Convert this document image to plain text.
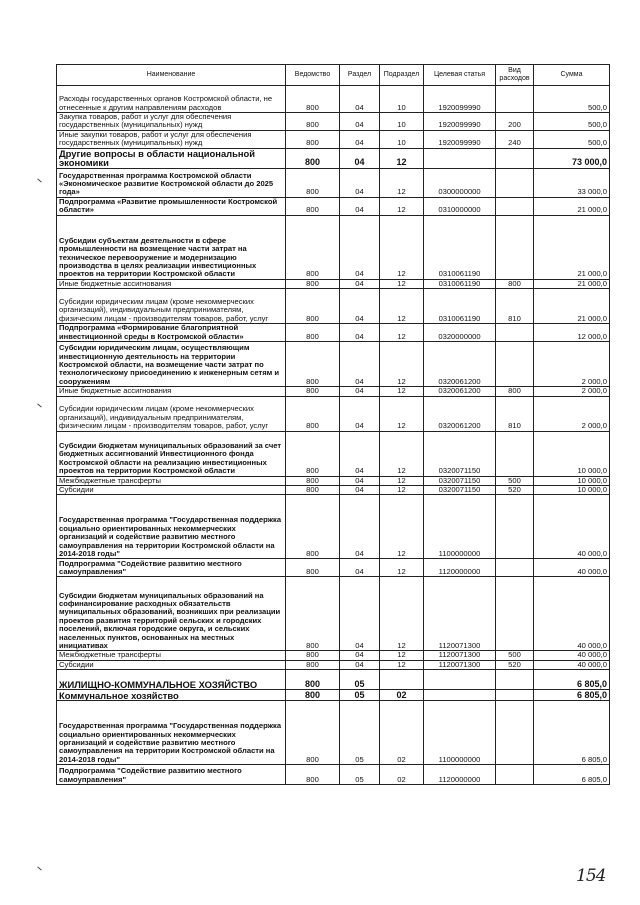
Наименование	Ведомство	Раздел	Подраздел	Целевая статья	Вид расходов	Сумма
Расходы государственных органов Костромской области, не отнесенные к другим направлениям расходов	800	04	10	1920099990		500,0
Закупка товаров, работ и услуг для обеспечения государственных (муниципальных) нужд	800	04	10	1920099990	200	500,0
Иные закупки товаров, работ и услуг для обеспечения государственных (муниципальных) нужд	800	04	10	1920099990	240	500,0
Другие вопросы в области национальной экономики	800	04	12			73 000,0
Государственная программа Костромской области «Экономическое развитие Костромской области до 2025 года»	800	04	12	0300000000		33 000,0
Подпрограмма «Развитие промышленности Костромской области»	800	04	12	0310000000		21 000,0
Субсидии субъектам деятельности в сфере промышленности на возмещение части затрат на техническое перевооружение и модернизацию производства в целях реализации инвестиционных проектов на территории Костромской области	800	04	12	0310061190		21 000,0
Иные бюджетные ассигнования	800	04	12	0310061190	800	21 000,0
Субсидии юридическим лицам (кроме некоммерческих организаций), индивидуальным предпринимателям, физическим лицам - производителям товаров, работ, услуг	800	04	12	0310061190	810	21 000,0
Подпрограмма «Формирование благоприятной инвестиционной среды в Костромской области»	800	04	12	0320000000		12 000,0
Субсидии юридическим лицам, осуществляющим инвестиционную деятельность на территории Костромской области, на возмещение части затрат по технологическому присоединению к инженерным сетям и сооружениям	800	04	12	0320061200		2 000,0
Иные бюджетные ассигнования	800	04	12	0320061200	800	2 000,0
Субсидии юридическим лицам (кроме некоммерческих организаций), индивидуальным предпринимателям, физическим лицам - производителям товаров, работ, услуг	800	04	12	0320061200	810	2 000,0
Субсидии бюджетам муниципальных образований за счет бюджетных ассигнований Инвестиционного фонда Костромской области на реализацию инвестиционных проектов на территории Костромской области	800	04	12	0320071150		10 000,0
Межбюджетные трансферты	800	04	12	0320071150	500	10 000,0
Субсидии	800	04	12	0320071150	520	10 000,0
Государственная программа "Государственная поддержка социально ориентированных некоммерческих организаций и содействие развитию местного самоуправления на территории Костромской области на 2014-2018 годы"	800	04	12	1100000000		40 000,0
Подпрограмма "Содействие развитию местного самоуправления"	800	04	12	1120000000		40 000,0
Субсидии бюджетам муниципальных образований на софинансирование расходных обязательств муниципальных образований, возникших при реализации проектов развития территорий сельских и городских поселений, включая городские округа, и сельских населенных пунктов, основанных на местных инициативах	800	04	12	1120071300		40 000,0
Межбюджетные трансферты	800	04	12	1120071300	500	40 000,0
Субсидии	800	04	12	1120071300	520	40 000,0
ЖИЛИЩНО-КОММУНАЛЬНОЕ ХОЗЯЙСТВО	800	05				6 805,0
Коммунальное хозяйство	800	05	02			6 805,0
Государственная программа "Государственная поддержка социально ориентированных некоммерческих организаций и содействие развитию местного самоуправления на территории Костромской области на 2014-2018 годы"	800	05	02	1100000000		6 805,0
Подпрограмма "Содействие развитию местного самоуправления"	800	05	02	1120000000		6 805,0
154
